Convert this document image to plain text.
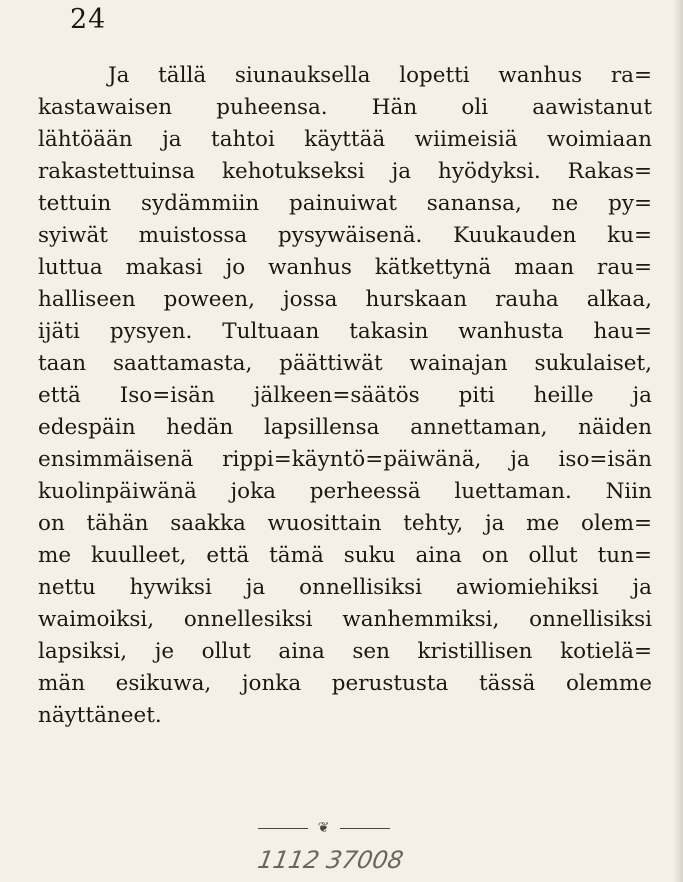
24
Ja tällä siunauksella lopetti wanhus ra=
kastawaisen puheensa. Hän oli aawistanut
lähtöään ja tahtoi käyttää wiimeisiä woimiaan
rakastettuinsa kehotukseksi ja hyödyksi. Rakas=
tettuin sydämmiin painuiwat sanansa, ne py=
syiwät muistossa pysywäisenä. Kuukauden ku=
luttua makasi jo wanhus kätkettynä maan rau=
halliseen poween, jossa hurskaan rauha alkaa,
ijäti pysyen. Tultuaan takasin wanhusta hau=
taan saattamasta, päättiwät wainajan sukulaiset,
että Iso=isän jälkeen=säätös piti heille ja
edespäin hedän lapsillensa annettaman, näiden
ensimmäisenä rippi=käyntö=päiwänä, ja iso=isän
kuolinpäiwänä joka perheessä luettaman. Niin
on tähän saakka wuosittain tehty, ja me olem=
me kuulleet, että tämä suku aina on ollut tun=
nettu hywiksi ja onnellisiksi awiomiehiksi ja
waimoiksi, onnellesiksi wanhemmiksi, onnellisiksi
lapsiksi, je ollut aina sen kristillisen kotielä=
män esikuwa, jonka perustusta tässä olemme
näyttäneet.
❦
1112 37008
